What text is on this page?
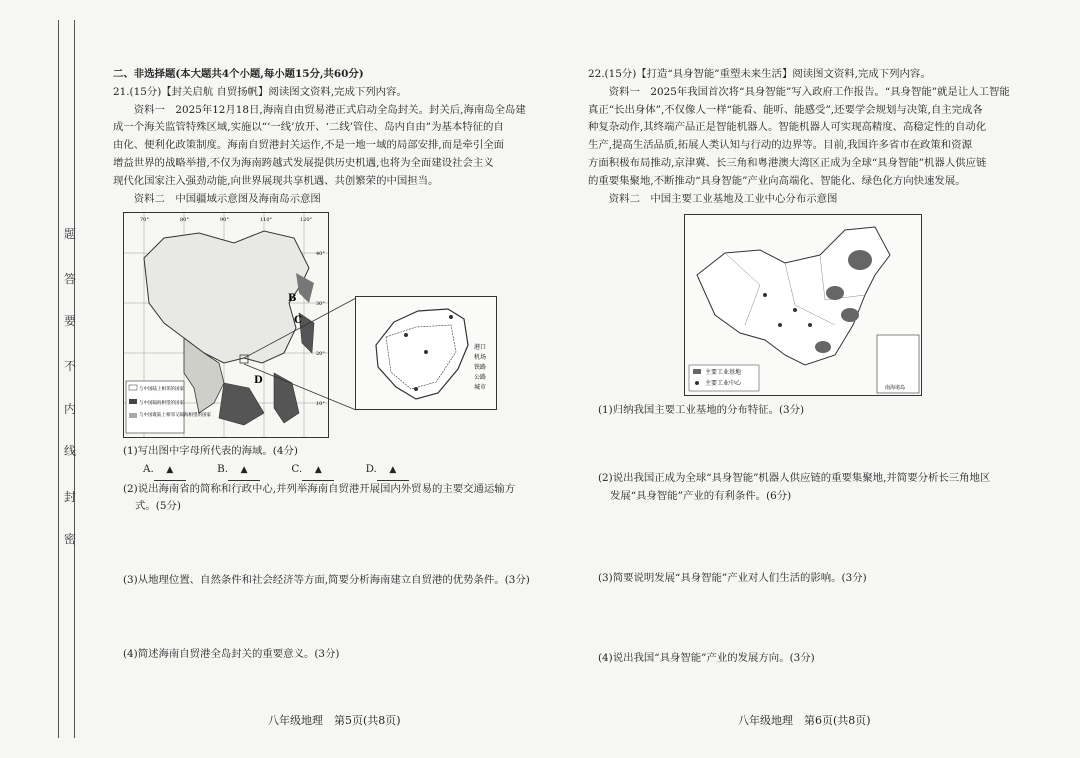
题
答
要
不
内
线
封
密

二、非选择题(本大题共4个小题,每小题15分,共60分)

21.(15分)【封关启航 自贸扬帆】阅读图文资料,完成下列内容。

资料一　2025年12月18日,海南自由贸易港正式启动全岛封关。封关后,海南岛全岛建

成一个海关监管特殊区域,实施以“‘一线’放开、‘二线’管住、岛内自由”为基本特征的自

由化、便利化政策制度。海南自贸港封关运作,不是一地一域的局部安排,而是牵引全面

增益世界的战略举措,不仅为海南跨越式发展提供历史机遇,也将为全面建设社会主义

现代化国家注入强劲动能,向世界展现共享机遇、共创繁荣的中国担当。

资料二　中国疆域示意图及海南岛示意图

B
C
D
与中国陆上相邻的国家
与中国隔海相望的国家
与中国既陆上相邻又隔海相望的国家
70°	80°	90°	110°	120°
40°
30°
20°
10°
港口
机场
铁路
公路
城市

(1)写出图中字母所代表的海域。(4分)

A. ▲	B. ▲	C. ▲	D. ▲

(2)说出海南省的简称和行政中心,并列举海南自贸港开展国内外贸易的主要交通运输方

式。(5分)

(3)从地理位置、自然条件和社会经济等方面,简要分析海南建立自贸港的优势条件。(3分)

(4)简述海南自贸港全岛封关的重要意义。(3分)

八年级地理　第5页(共8页)

22.(15分)【打造“具身智能”重塑未来生活】阅读图文资料,完成下列内容。

资料一　2025年我国首次将“具身智能”写入政府工作报告。“具身智能”就是让人工智能

真正“长出身体”,不仅像人一样“能看、能听、能感受”,还要学会规划与决策,自主完成各

种复杂动作,其终端产品正是智能机器人。智能机器人可实现高精度、高稳定性的自动化

生产,提高生活品质,拓展人类认知与行动的边界等。目前,我国许多省市在政策和资源

方面积极布局推动,京津冀、长三角和粤港澳大湾区正成为全球“具身智能”机器人供应链

的重要集聚地,不断推动“具身智能”产业向高端化、智能化、绿色化方向快速发展。

资料二　中国主要工业基地及工业中心分布示意图

主要工业基地
主要工业中心
南海诸岛

(1)归纳我国主要工业基地的分布特征。(3分)

(2)说出我国正成为全球“具身智能”机器人供应链的重要集聚地,并简要分析长三角地区

发展“具身智能”产业的有利条件。(6分)

(3)简要说明发展“具身智能”产业对人们生活的影响。(3分)

(4)说出我国“具身智能”产业的发展方向。(3分)

八年级地理　第6页(共8页)
